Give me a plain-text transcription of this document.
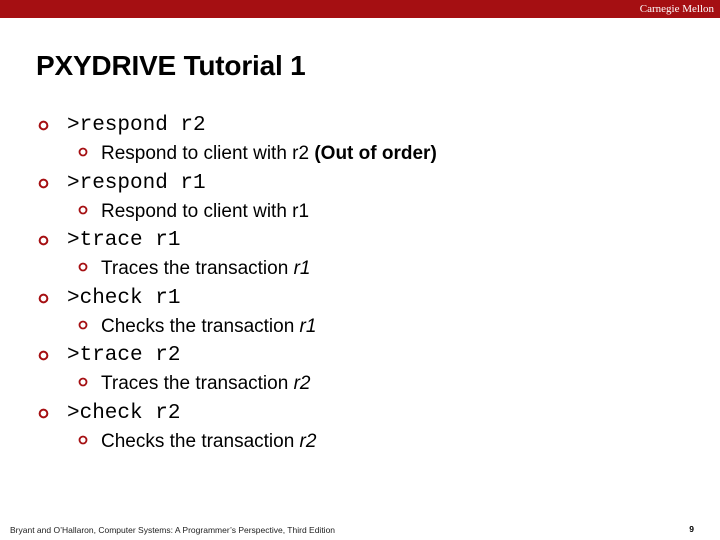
Carnegie Mellon
PXYDRIVE Tutorial 1
>respond r2
Respond to client with r2 (Out of order)
>respond r1
Respond to client with r1
>trace r1
Traces the transaction r1
>check r1
Checks the transaction r1
>trace r2
Traces the transaction r2
>check r2
Checks the transaction r2
Bryant and O’Hallaron, Computer Systems: A Programmer’s Perspective, Third Edition	9
